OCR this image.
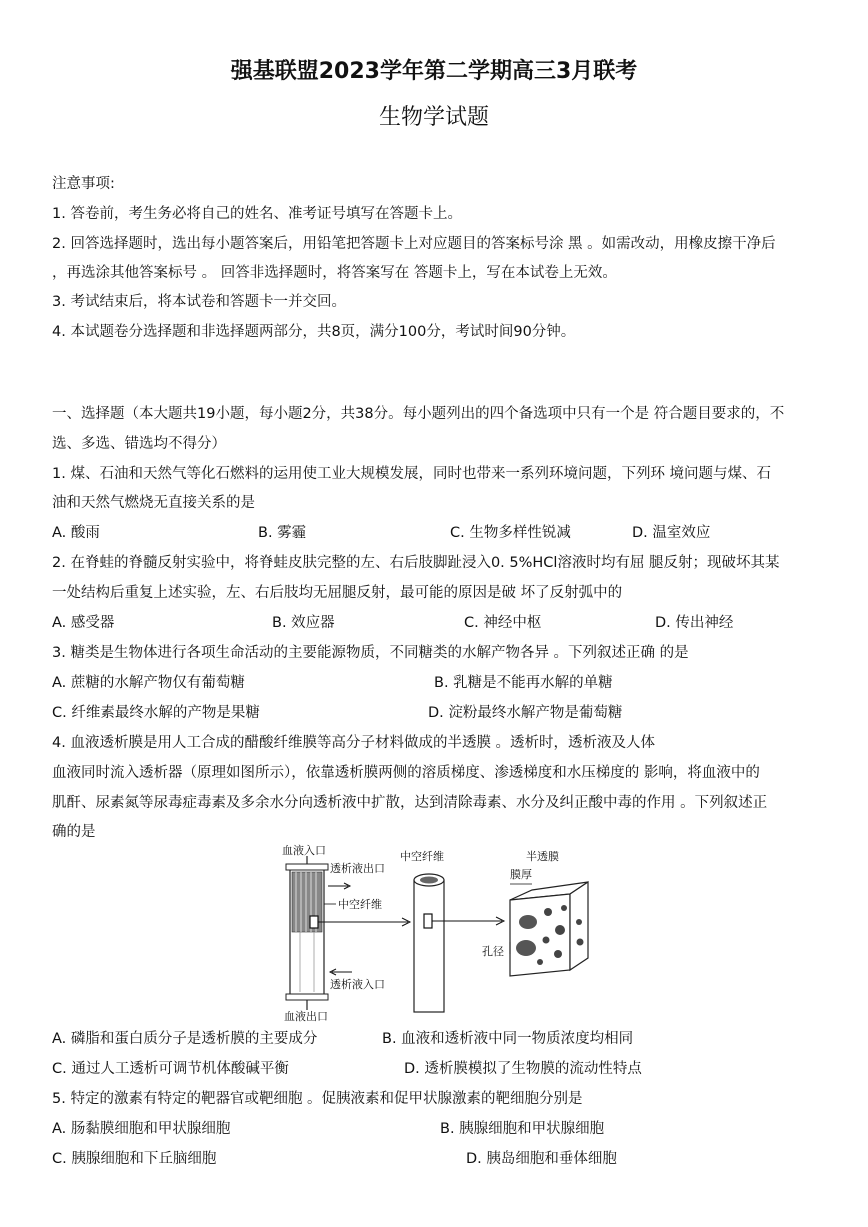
强基联盟2023学年第二学期高三3月联考
生物学试题
注意事项:
1. 答卷前，考生务必将自己的姓名、准考证号填写在答题卡上。
2. 回答选择题时，选出每小题答案后，用铅笔把答题卡上对应题目的答案标号涂 黑 。如需改动，用橡皮擦干净后
，再选涂其他答案标号 。 回答非选择题时，将答案写在 答题卡上，写在本试卷上无效。
3. 考试结束后，将本试卷和答题卡一并交回。
4. 本试题卷分选择题和非选择题两部分，共8页，满分100分，考试时间90分钟。
一、选择题（本大题共19小题，每小题2分，共38分。每小题列出的四个备选项中只有一个是 符合题目要求的，不
选、多选、错选均不得分）
1. 煤、石油和天然气等化石燃料的运用使工业大规模发展，同时也带来一系列环境问题，下列环 境问题与煤、石
油和天然气燃烧无直接关系的是
A. 酸雨	B. 雾霾	C. 生物多样性锐减	D. 温室效应
2. 在脊蛙的脊髓反射实验中，将脊蛙皮肤完整的左、右后肢脚趾浸入0. 5%HCl溶液时均有屈 腿反射；现破坏其某
一处结构后重复上述实验，左、右后肢均无屈腿反射，最可能的原因是破 坏了反射弧中的
A. 感受器	B. 效应器	C. 神经中枢	D. 传出神经
3. 糖类是生物体进行各项生命活动的主要能源物质，不同糖类的水解产物各异 。下列叙述正确 的是
A. 蔗糖的水解产物仅有葡萄糖	B. 乳糖是不能再水解的单糖
C. 纤维素最终水解的产物是果糖	D. 淀粉最终水解产物是葡萄糖
4. 血液透析膜是用人工合成的醋酸纤维膜等高分子材料做成的半透膜 。透析时，透析液及人体
血液同时流入透析器（原理如图所示），依靠透析膜两侧的溶质梯度、渗透梯度和水压梯度的 影响，将血液中的
肌酐、尿素氮等尿毒症毒素及多余水分向透析液中扩散，达到清除毒素、水分及纠正酸中毒的作用 。下列叙述正
确的是
血液入口
透析液出口
中空纤维
透析液入口
血液出口
中空纤维	半透膜
膜厚
孔径
A. 磷脂和蛋白质分子是透析膜的主要成分	B. 血液和透析液中同一物质浓度均相同
C. 通过人工透析可调节机体酸碱平衡	D. 透析膜模拟了生物膜的流动性特点
5. 特定的激素有特定的靶器官或靶细胞 。促胰液素和促甲状腺激素的靶细胞分别是
A. 肠黏膜细胞和甲状腺细胞	B. 胰腺细胞和甲状腺细胞
C. 胰腺细胞和下丘脑细胞	D. 胰岛细胞和垂体细胞
